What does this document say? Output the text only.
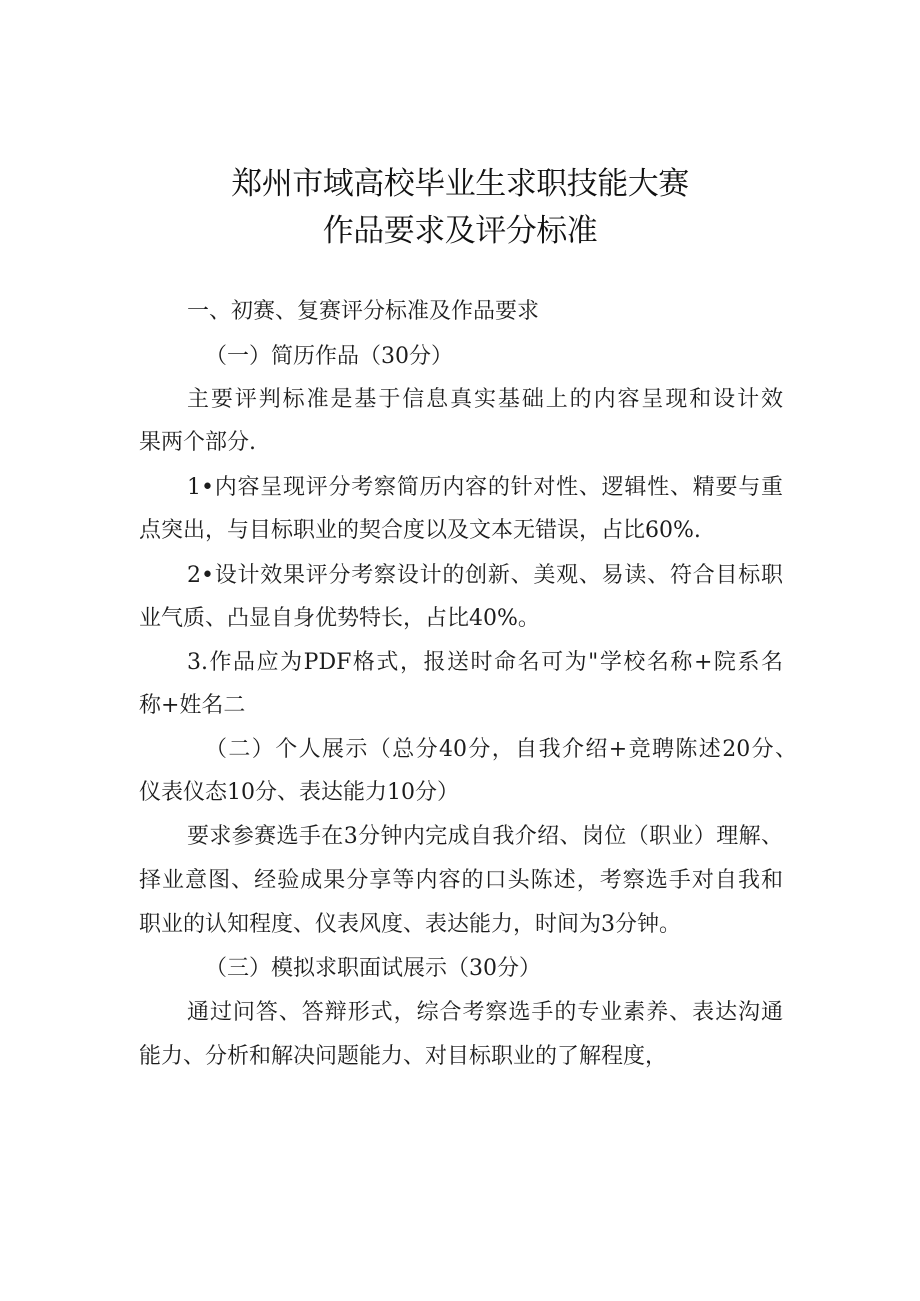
郑州市域高校毕业生求职技能大赛
作品要求及评分标准
一、初赛、复赛评分标准及作品要求
（一）简历作品（30分）
主要评判标准是基于信息真实基础上的内容呈现和设计效
果两个部分.
1•内容呈现评分考察简历内容的针对性、逻辑性、精要与重
点突出，与目标职业的契合度以及文本无错误，占比60%.
2•设计效果评分考察设计的创新、美观、易读、符合目标职
业气质、凸显自身优势特长，占比40%。
3.作品应为PDF格式，报送时命名可为"学校名称+院系名
称+姓名二
（二）个人展示（总分40分，自我介绍+竞聘陈述20分、
仪表仪态10分、表达能力10分）
要求参赛选手在3分钟内完成自我介绍、岗位（职业）理解、
择业意图、经验成果分享等内容的口头陈述，考察选手对自我和
职业的认知程度、仪表风度、表达能力，时间为3分钟。
（三）模拟求职面试展示（30分）
通过问答、答辩形式，综合考察选手的专业素养、表达沟通
能力、分析和解决问题能力、对目标职业的了解程度，
